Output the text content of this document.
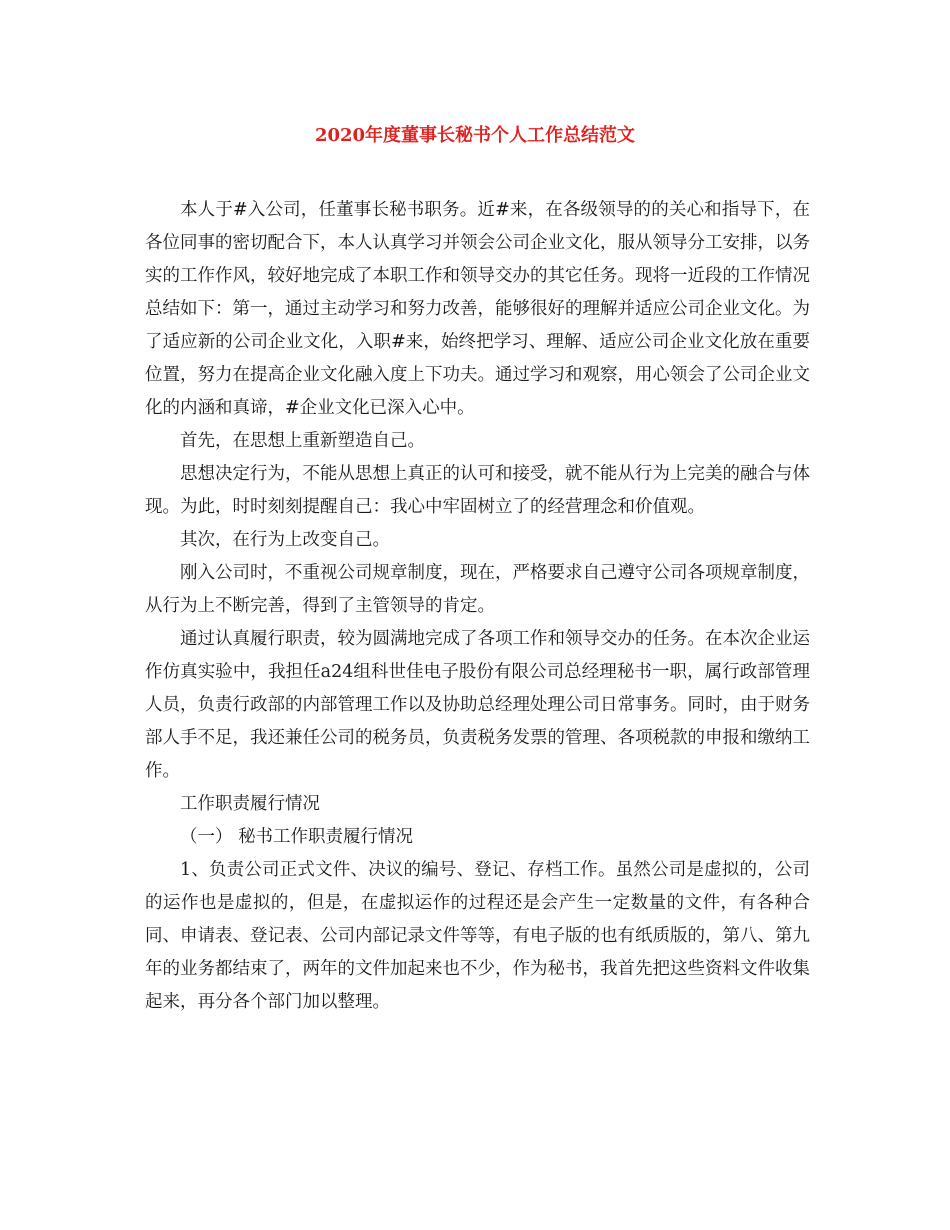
2020年度董事长秘书个人工作总结范文

本人于#入公司，任董事长秘书职务。近#来，在各级领导的的关心和指导下，在各位同事的密切配合下，本人认真学习并领会公司企业文化，服从领导分工安排，以务实的工作作风，较好地完成了本职工作和领导交办的其它任务。现将一近段的工作情况总结如下：第一，通过主动学习和努力改善，能够很好的理解并适应公司企业文化。为了适应新的公司企业文化，入职#来，始终把学习、理解、适应公司企业文化放在重要位置，努力在提高企业文化融入度上下功夫。通过学习和观察，用心领会了公司企业文化的内涵和真谛，#企业文化已深入心中。

首先，在思想上重新塑造自己。

思想决定行为，不能从思想上真正的认可和接受，就不能从行为上完美的融合与体现。为此，时时刻刻提醒自己：我心中牢固树立了的经营理念和价值观。

其次，在行为上改变自己。

刚入公司时，不重视公司规章制度，现在，严格要求自己遵守公司各项规章制度，从行为上不断完善，得到了主管领导的肯定。

通过认真履行职责，较为圆满地完成了各项工作和领导交办的任务。在本次企业运作仿真实验中，我担任a24组科世佳电子股份有限公司总经理秘书一职，属行政部管理人员，负责行政部的内部管理工作以及协助总经理处理公司日常事务。同时，由于财务部人手不足，我还兼任公司的税务员，负责税务发票的管理、各项税款的申报和缴纳工作。

工作职责履行情况

（一） 秘书工作职责履行情况

1、负责公司正式文件、决议的编号、登记、存档工作。虽然公司是虚拟的，公司的运作也是虚拟的，但是，在虚拟运作的过程还是会产生一定数量的文件，有各种合同、申请表、登记表、公司内部记录文件等等，有电子版的也有纸质版的，第八、第九年的业务都结束了，两年的文件加起来也不少，作为秘书，我首先把这些资料文件收集起来，再分各个部门加以整理。
